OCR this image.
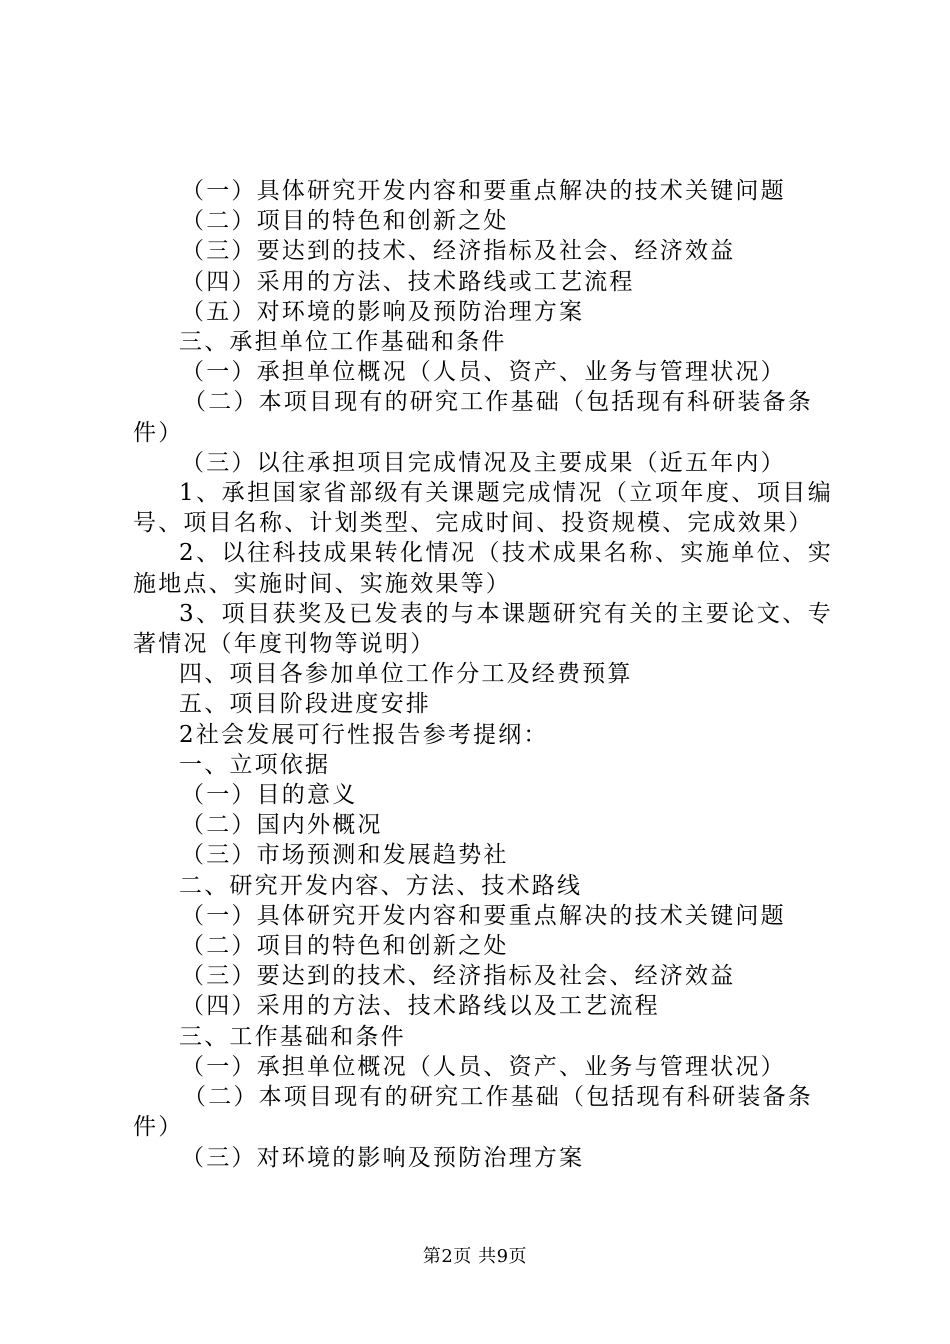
（一）具体研究开发内容和要重点解决的技术关键问题

（二）项目的特色和创新之处

（三）要达到的技术、经济指标及社会、经济效益

（四）采用的方法、技术路线或工艺流程

（五）对环境的影响及预防治理方案

三、承担单位工作基础和条件

（一）承担单位概况（人员、资产、业务与管理状况）

（二）本项目现有的研究工作基础（包括现有科研装备条件）

（三）以往承担项目完成情况及主要成果（近五年内）

1、承担国家省部级有关课题完成情况（立项年度、项目编号、项目名称、计划类型、完成时间、投资规模、完成效果）

2、以往科技成果转化情况（技术成果名称、实施单位、实施地点、实施时间、实施效果等）

3、项目获奖及已发表的与本课题研究有关的主要论文、专著情况（年度刊物等说明）

四、项目各参加单位工作分工及经费预算

五、项目阶段进度安排

2社会发展可行性报告参考提纲：

一、立项依据

（一）目的意义

（二）国内外概况

（三）市场预测和发展趋势社

二、研究开发内容、方法、技术路线

（一）具体研究开发内容和要重点解决的技术关键问题

（二）项目的特色和创新之处

（三）要达到的技术、经济指标及社会、经济效益

（四）采用的方法、技术路线以及工艺流程

三、工作基础和条件

（一）承担单位概况（人员、资产、业务与管理状况）

（二）本项目现有的研究工作基础（包括现有科研装备条件）

（三）对环境的影响及预防治理方案

第2页 共9页
